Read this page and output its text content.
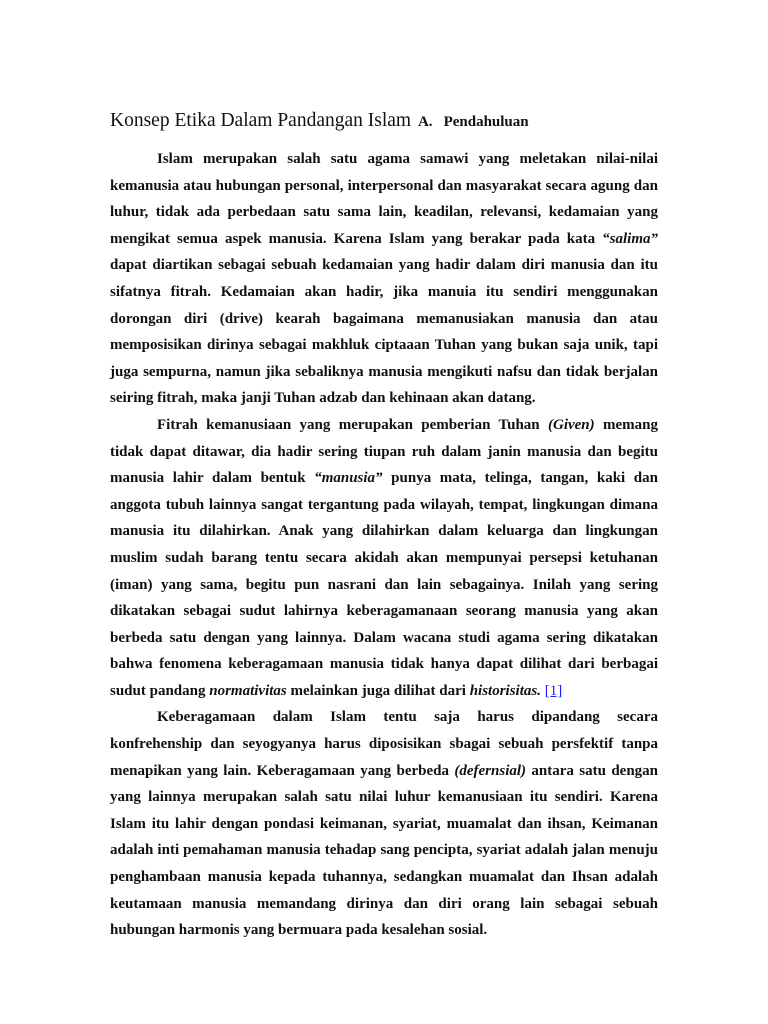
Konsep Etika Dalam Pandangan Islam A. Pendahuluan

Islam merupakan salah satu agama samawi yang meletakan nilai-nilai kemanusia atau hubungan personal, interpersonal dan masyarakat secara agung dan luhur, tidak ada perbedaan satu sama lain, keadilan, relevansi, kedamaian yang mengikat semua aspek manusia. Karena Islam yang berakar pada kata “salima” dapat diartikan sebagai sebuah kedamaian yang hadir dalam diri manusia dan itu sifatnya fitrah. Kedamaian akan hadir, jika manuia itu sendiri menggunakan dorongan diri (drive) kearah bagaimana memanusiakan manusia dan atau memposisikan dirinya sebagai makhluk ciptaaan Tuhan yang bukan saja unik, tapi juga sempurna, namun jika sebaliknya manusia mengikuti nafsu dan tidak berjalan seiring fitrah, maka janji Tuhan adzab dan kehinaan akan datang.

Fitrah kemanusiaan yang merupakan pemberian Tuhan (Given) memang tidak dapat ditawar, dia hadir sering tiupan ruh dalam janin manusia dan begitu manusia lahir dalam bentuk “manusia” punya mata, telinga, tangan, kaki dan anggota tubuh lainnya sangat tergantung pada wilayah, tempat, lingkungan dimana manusia itu dilahirkan. Anak yang dilahirkan dalam keluarga dan lingkungan muslim sudah barang tentu secara akidah akan mempunyai persepsi ketuhanan (iman) yang sama, begitu pun nasrani dan lain sebagainya. Inilah yang sering dikatakan sebagai sudut lahirnya keberagamanaan seorang manusia yang akan berbeda satu dengan yang lainnya. Dalam wacana studi agama sering dikatakan bahwa fenomena keberagamaan manusia tidak hanya dapat dilihat dari berbagai sudut pandang normativitas melainkan juga dilihat dari historisitas. [1]

Keberagamaan dalam Islam tentu saja harus dipandang secara konfrehenship dan seyogyanya harus diposisikan sbagai sebuah persfektif tanpa menapikan yang lain. Keberagamaan yang berbeda (defernsial) antara satu dengan yang lainnya merupakan salah satu nilai luhur kemanusiaan itu sendiri. Karena Islam itu lahir dengan pondasi keimanan, syariat, muamalat dan ihsan, Keimanan adalah inti pemahaman manusia tehadap sang pencipta, syariat adalah jalan menuju penghambaan manusia kepada tuhannya, sedangkan muamalat dan Ihsan adalah keutamaan manusia memandang dirinya dan diri orang lain sebagai sebuah hubungan harmonis yang bermuara pada kesalehan sosial.
